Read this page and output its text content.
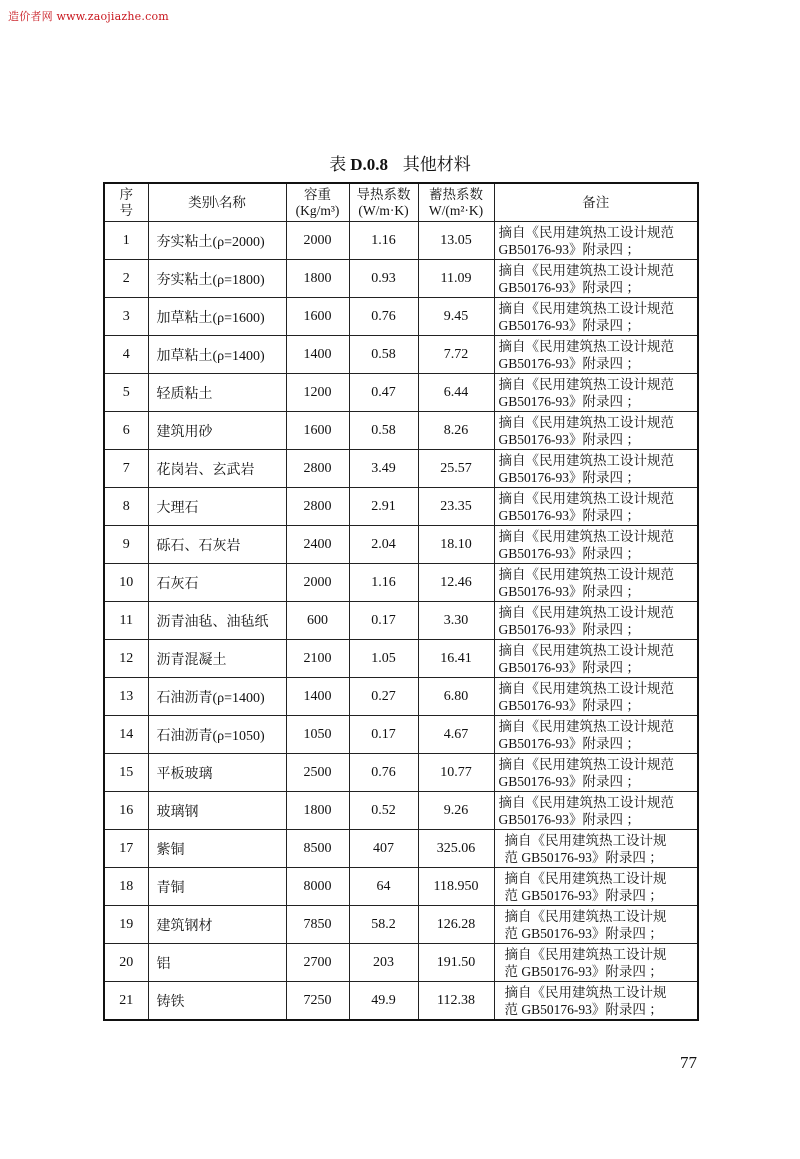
造价者网 www.zaojiazhe.com
表 D.0.8 其他材料
序号	类别\名称	容重
(Kg/m³)	导热系数
(W/m·K)	蓄热系数
W/(m²·K)	备注
1	夯实粘土(ρ=2000)	2000	1.16	13.05	摘自《民用建筑热工设计规范
GB50176-93》附录四 ；

2	夯实粘土(ρ=1800)	1800	0.93	11.09	摘自《民用建筑热工设计规范
GB50176-93》附录四 ；

3	加草粘土(ρ=1600)	1600	0.76	9.45	摘自《民用建筑热工设计规范
GB50176-93》附录四 ；

4	加草粘土(ρ=1400)	1400	0.58	7.72	摘自《民用建筑热工设计规范
GB50176-93》附录四 ；

5	轻质粘土	1200	0.47	6.44	摘自《民用建筑热工设计规范
GB50176-93》附录四 ；

6	建筑用砂	1600	0.58	8.26	摘自《民用建筑热工设计规范
GB50176-93》附录四 ；

7	花岗岩、玄武岩	2800	3.49	25.57	摘自《民用建筑热工设计规范
GB50176-93》附录四 ；

8	大理石	2800	2.91	23.35	摘自《民用建筑热工设计规范
GB50176-93》附录四 ；

9	砾石、石灰岩	2400	2.04	18.10	摘自《民用建筑热工设计规范
GB50176-93》附录四 ；

10	石灰石	2000	1.16	12.46	摘自《民用建筑热工设计规范
GB50176-93》附录四 ；

11	沥青油毡、油毡纸	600	0.17	3.30	摘自《民用建筑热工设计规范
GB50176-93》附录四 ；

12	沥青混凝土	2100	1.05	16.41	摘自《民用建筑热工设计规范
GB50176-93》附录四 ；

13	石油沥青(ρ=1400)	1400	0.27	6.80	摘自《民用建筑热工设计规范
GB50176-93》附录四 ；

14	石油沥青(ρ=1050)	1050	0.17	4.67	摘自《民用建筑热工设计规范
GB50176-93》附录四 ；

15	平板玻璃	2500	0.76	10.77	摘自《民用建筑热工设计规范
GB50176-93》附录四 ；

16	玻璃钢	1800	0.52	9.26	摘自《民用建筑热工设计规范
GB50176-93》附录四 ；

17	紫铜	8500	407	325.06	摘自《民用建筑热工设计规
范 GB50176-93》附录四 ；

18	青铜	8000	64	118.950	摘自《民用建筑热工设计规
范 GB50176-93》附录四 ；

19	建筑钢材	7850	58.2	126.28	摘自《民用建筑热工设计规
范 GB50176-93》附录四 ；

20	铝	2700	203	191.50	摘自《民用建筑热工设计规
范 GB50176-93》附录四 ；

21	铸铁	7250	49.9	112.38	摘自《民用建筑热工设计规
范 GB50176-93》附录四 ；
77
